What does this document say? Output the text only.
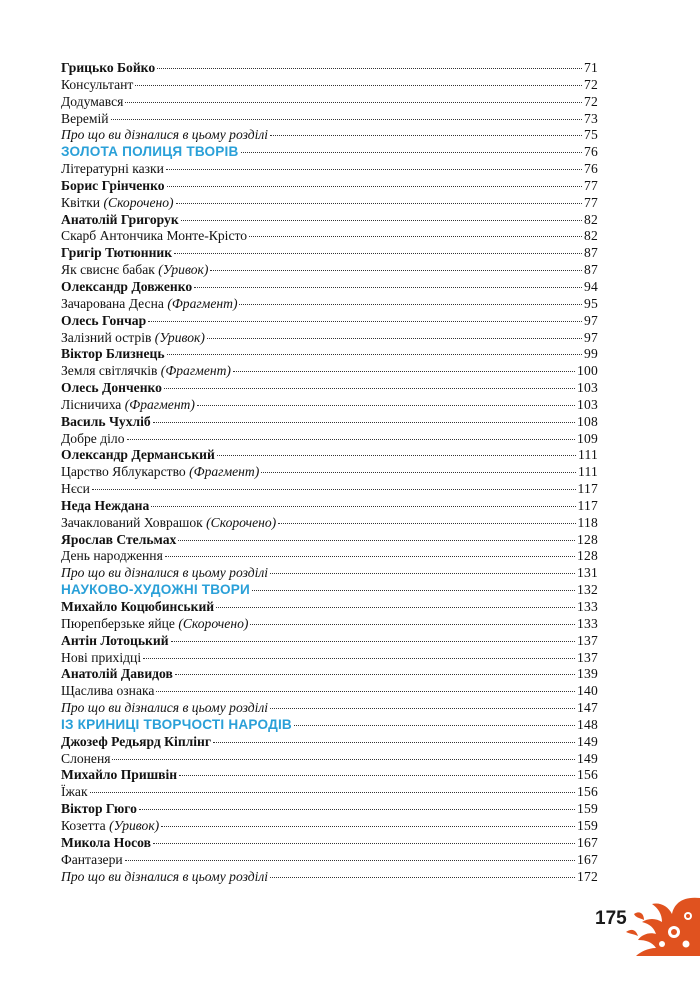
Грицько Бойко	71
Консультант	72
Додумався	72
Веремій	73
Про що ви дізналися в цьому розділі	75
ЗОЛОТА ПОЛИЦЯ ТВОРІВ	76
Літературні казки	76
Борис Грінченко	77
Квітки (Скорочено)	77
Анатолій Григорук	82
Скарб Антончика Монте-Крісто	82
Григір Тютюнник	87
Як свиснє бабак (Уривок)	87
Олександр Довженко	94
Зачарована Десна (Фрагмент)	95
Олесь Гончар	97
Залізний острів (Уривок)	97
Віктор Близнець	99
Земля світлячків (Фрагмент)	100
Олесь Донченко	103
Лісничиха (Фрагмент)	103
Василь Чухліб	108
Добре діло	109
Олександр Дерманський	111
Царство Яблукарство (Фрагмент)	111
Нєси	117
Неда Неждана	117
Зачаклований Ховрашок (Скорочено)	118
Ярослав Стельмах	128
День народження	128
Про що ви дізналися в цьому розділі	131
НАУКОВО-ХУДОЖНІ ТВОРИ	132
Михайло Коцюбинський	133
Пюрепберзьке яйце (Скорочено)	133
Антін Лотоцький	137
Нові прихідці	137
Анатолій Давидов	139
Щаслива ознака	140
Про що ви дізналися в цьому розділі	147
ІЗ КРИНИЦІ ТВОРЧОСТІ НАРОДІВ	148
Джозеф Редьярд Кіплінг	149
Слоненя	149
Михайло Пришвін	156
Їжак	156
Віктор Гюго	159
Козетта (Уривок)	159
Микола Носов	167
Фантазери	167
Про що ви дізналися в цьому розділі	172
175
